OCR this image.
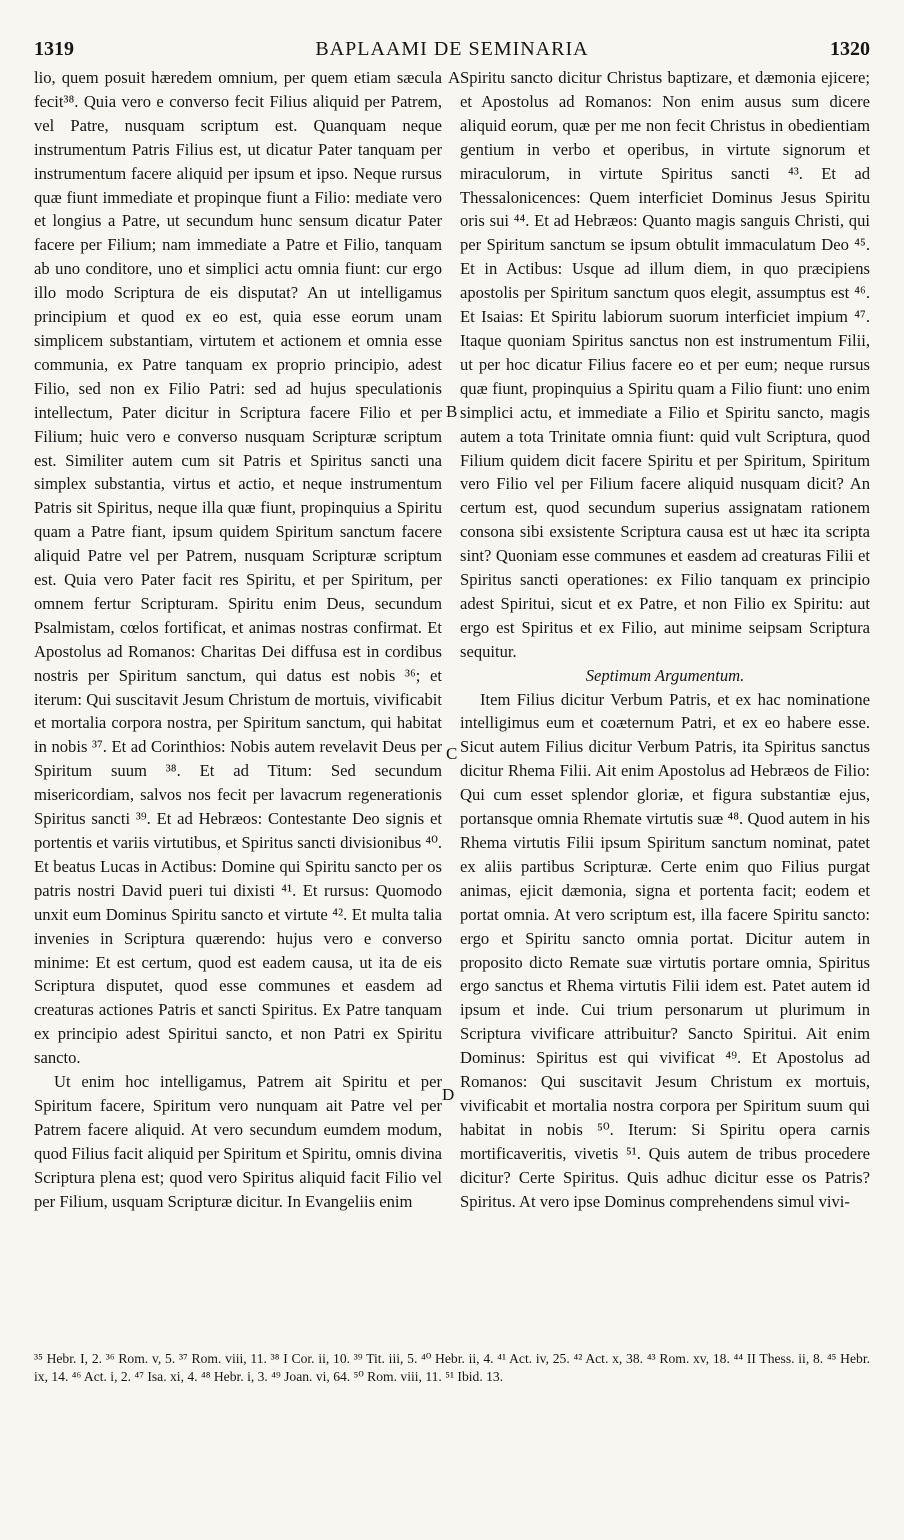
1319	BAPLAAMI DE SEMINARIA	1320

lio, quem posuit hæredem omnium, per quem etiam sæcula fecit³⁸. Quia vero e converso fecit Filius aliquid per Patrem, vel Patre, nusquam scriptum est. Quanquam neque instrumentum Patris Filius est, ut dicatur Pater tanquam per instrumentum facere aliquid per ipsum et ipso. Neque rursus quæ fiunt immediate et propinque fiunt a Filio: mediate vero et longius a Patre, ut secundum hunc sensum dicatur Pater facere per Filium; nam immediate a Patre et Filio, tanquam ab uno conditore, uno et simplici actu omnia fiunt: cur ergo illo modo Scriptura de eis disputat? An ut intelligamus principium et quod ex eo est, quia esse eorum unam simplicem substantiam, virtutem et actionem et omnia esse communia, ex Patre tanquam ex proprio principio, adest Filio, sed non ex Filio Patri: sed ad hujus speculationis intellectum, Pater dicitur in Scriptura facere Filio et per Filium; huic vero e converso nusquam Scripturæ scriptum est. Similiter autem cum sit Patris et Spiritus sancti una simplex substantia, virtus et actio, et neque instrumentum Patris sit Spiritus, neque illa quæ fiunt, propinquius a Spiritu quam a Patre fiant, ipsum quidem Spiritum sanctum facere aliquid Patre vel per Patrem, nusquam Scripturæ scriptum est. Quia vero Pater facit res Spiritu, et per Spiritum, per omnem fertur Scripturam. Spiritu enim Deus, secundum Psalmistam, cœlos fortificat, et animas nostras confirmat. Et Apostolus ad Romanos: Charitas Dei diffusa est in cordibus nostris per Spiritum sanctum, qui datus est nobis ³⁶; et iterum: Qui suscitavit Jesum Christum de mortuis, vivificabit et mortalia corpora nostra, per Spiritum sanctum, qui habitat in nobis ³⁷. Et ad Corinthios: Nobis autem revelavit Deus per Spiritum suum ³⁸. Et ad Titum: Sed secundum misericordiam, salvos nos fecit per lavacrum regenerationis Spiritus sancti ³⁹. Et ad Hebræos: Contestante Deo signis et portentis et variis virtutibus, et Spiritus sancti divisionibus ⁴⁰. Et beatus Lucas in Actibus: Domine qui Spiritu sancto per os patris nostri David pueri tui dixisti ⁴¹. Et rursus: Quomodo unxit eum Dominus Spiritu sancto et virtute ⁴². Et multa talia invenies in Scriptura quærendo: hujus vero e converso minime: Et est certum, quod est eadem causa, ut ita de eis Scriptura disputet, quod esse communes et easdem ad creaturas actiones Patris et sancti Spiritus. Ex Patre tanquam ex principio adest Spiritui sancto, et non Patri ex Spiritu sancto.

Ut enim hoc intelligamus, Patrem ait Spiritu et per Spiritum facere, Spiritum vero nunquam ait Patre vel per Patrem facere aliquid. At vero secundum eumdem modum, quod Filius facit aliquid per Spiritum et Spiritu, omnis divina Scriptura plena est; quod vero Spiritus aliquid facit Filio vel per Filium, usquam Scripturæ dicitur. In Evangeliis enim

Spiritu sancto dicitur Christus baptizare, et dæmonia ejicere; et Apostolus ad Romanos: Non enim ausus sum dicere aliquid eorum, quæ per me non fecit Christus in obedientiam gentium in verbo et operibus, in virtute signorum et miraculorum, in virtute Spiritus sancti ⁴³. Et ad Thessalonicences: Quem interficiet Dominus Jesus Spiritu oris sui ⁴⁴. Et ad Hebræos: Quanto magis sanguis Christi, qui per Spiritum sanctum se ipsum obtulit immaculatum Deo ⁴⁵. Et in Actibus: Usque ad illum diem, in quo præcipiens apostolis per Spiritum sanctum quos elegit, assumptus est ⁴⁶. Et Isaias: Et Spiritu labiorum suorum interficiet impium ⁴⁷. Itaque quoniam Spiritus sanctus non est instrumentum Filii, ut per hoc dicatur Filius facere eo et per eum; neque rursus quæ fiunt, propinquius a Spiritu quam a Filio fiunt: uno enim simplici actu, et immediate a Filio et Spiritu sancto, magis autem a tota Trinitate omnia fiunt: quid vult Scriptura, quod Filium quidem dicit facere Spiritu et per Spiritum, Spiritum vero Filio vel per Filium facere aliquid nusquam dicit? An certum est, quod secundum superius assignatam rationem consona sibi exsistente Scriptura causa est ut hæc ita scripta sint? Quoniam esse communes et easdem ad creaturas Filii et Spiritus sancti operationes: ex Filio tanquam ex principio adest Spiritui, sicut et ex Patre, et non Filio ex Spiritu: aut ergo est Spiritus et ex Filio, aut minime seipsam Scriptura sequitur.

Septimum Argumentum.

Item Filius dicitur Verbum Patris, et ex hac nominatione intelligimus eum et coæternum Patri, et ex eo habere esse. Sicut autem Filius dicitur Verbum Patris, ita Spiritus sanctus dicitur Rhema Filii. Ait enim Apostolus ad Hebræos de Filio: Qui cum esset splendor gloriæ, et figura substantiæ ejus, portansque omnia Rhemate virtutis suæ ⁴⁸. Quod autem in his Rhema virtutis Filii ipsum Spiritum sanctum nominat, patet ex aliis partibus Scripturæ. Certe enim quo Filius purgat animas, ejicit dæmonia, signa et portenta facit; eodem et portat omnia. At vero scriptum est, illa facere Spiritu sancto: ergo et Spiritu sancto omnia portat. Dicitur autem in proposito dicto Remate suæ virtutis portare omnia, Spiritus ergo sanctus et Rhema virtutis Filii idem est. Patet autem id ipsum et inde. Cui trium personarum ut plurimum in Scriptura vivificare attribuitur? Sancto Spiritui. Ait enim Dominus: Spiritus est qui vivificat ⁴⁹. Et Apostolus ad Romanos: Qui suscitavit Jesum Christum ex mortuis, vivificabit et mortalia nostra corpora per Spiritum suum qui habitat in nobis ⁵⁰. Iterum: Si Spiritu opera carnis mortificaveritis, vivetis ⁵¹. Quis autem de tribus procedere dicitur? Certe Spiritus. Quis adhuc dicitur esse os Patris? Spiritus. At vero ipse Dominus comprehendens simul vivi-

A
B
C
D
³⁵ Hebr. I, 2. ³⁶ Rom. v, 5. ³⁷ Rom. viii, 11. ³⁸ I Cor. ii, 10. ³⁹ Tit. iii, 5. ⁴⁰ Hebr. ii, 4. ⁴¹ Act. iv, 25. ⁴² Act. x, 38. ⁴³ Rom. xv, 18. ⁴⁴ II Thess. ii, 8. ⁴⁵ Hebr. ix, 14. ⁴⁶ Act. i, 2. ⁴⁷ Isa. xi, 4. ⁴⁸ Hebr. i, 3. ⁴⁹ Joan. vi, 64. ⁵⁰ Rom. viii, 11. ⁵¹ Ibid. 13.
